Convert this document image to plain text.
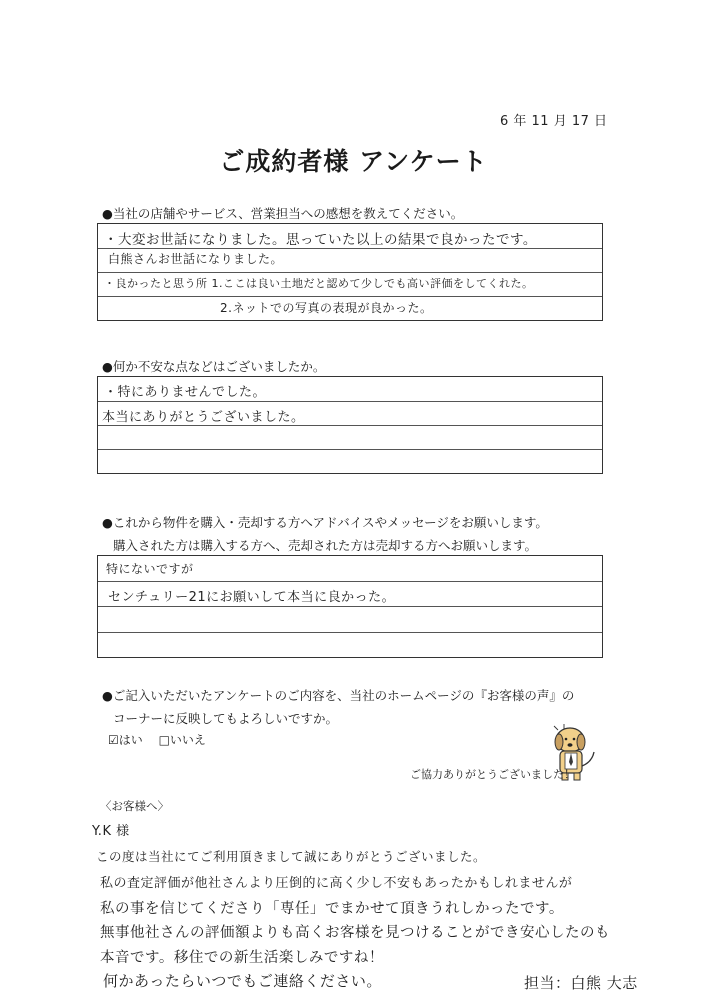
6 年 11 月 17 日
ご成約者様 アンケート
●当社の店舗やサービス、営業担当への感想を教えてください。
・大変お世話になりました。思っていた以上の結果で良かったです。
白熊さんお世話になりました。
・良かったと思う所 1.ここは良い土地だと認めて少しでも高い評価をしてくれた。
2.ネットでの写真の表現が良かった。
●何か不安な点などはございましたか。
・特にありませんでした。
本当にありがとうございました。
●これから物件を購入・売却する方へアドバイスやメッセージをお願いします。
購入された方は購入する方へ、売却された方は売却する方へお願いします。
特にないですが
センチュリー21にお願いして本当に良かった。
●ご記入いただいたアンケートのご内容を、当社のホームページの『お客様の声』の
コーナーに反映してもよろしいですか。
☑はい □いいえ
ご協力ありがとうございました！
〈お客様へ〉
Y.K 様
この度は当社にてご利用頂きまして誠にありがとうございました。
私の査定評価が他社さんより圧倒的に高く少し不安もあったかもしれませんが
私の事を信じてくださり「専任」でまかせて頂きうれしかったです。
無事他社さんの評価額よりも高くお客様を見つけることができ安心したのも
本音です。移住での新生活楽しみですね！
何かあったらいつでもご連絡ください。	担当：白熊 大志
